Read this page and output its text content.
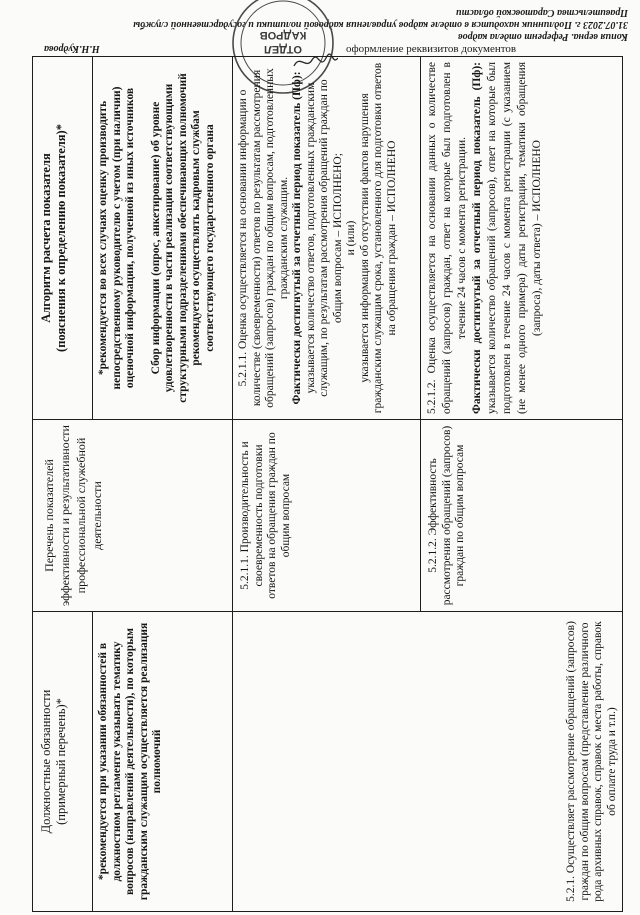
Н.Н.Кудрова
Копия верна. Референт отдела кадров
31.07.2023 г. Подлинник находится в отделе кадров управления кадровой политики и государственной службы
Правительства Саратовской области
ОТДЕЛ
КАДРОВ
оформление реквизитов документов
Должностные обязанности (примерный перечень)*
Перечень показателей эффективности и результативности профессиональной служебной деятельности
Алгоритм расчета показателя (пояснения к определению показателя)*

*рекомендуется при указании обязанностей в должностном регламенте указывать тематику вопросов (направлений деятельности), по которым гражданским служащим осуществляется реализация полномочий

*рекомендуется во всех случаях оценку производить непосредственному руководителю с учетом (при наличии) оценочной информации, полученной из иных источников Сбор информации (опрос, анкетирование) об уровне удовлетворенности в части реализации соответствующими структурными подразделениями обеспечивающих полномочий рекомендуется осуществлять кадровым службам соответствующего государственного органа

5.2.1. Осуществляет рассмотрение обращений (запросов) граждан по общим вопросам (представление различного рода архивных справок, справок с места работы, справок об оплате труда и т.п.)

5.2.1.1. Производительность и своевременность подготовки ответов на обращения граждан по общим вопросам

5.2.1.1. Оценка осуществляется на основании информации о количестве (своевременности) ответов по результатам рассмотрения обращений (запросов) граждан по общим вопросам, подготовленных гражданским служащим. Фактически достигнутый за отчетный период показатель (Пф): указывается количество ответов, подготовленных гражданским служащим, по результатам рассмотрения обращений граждан по общим вопросам – ИСПОЛНЕНО; и (или) указывается информация об отсутствии фактов нарушения гражданским служащим срока, установленного для подготовки ответов на обращения граждан – ИСПОЛНЕНО

5.2.1.2. Эффективность рассмотрения обращений (запросов) граждан по общим вопросам

5.2.1.2. Оценка осуществляется на основании данных о количестве обращений (запросов) граждан, ответ на которые был подготовлен в течение 24 часов с момента регистрации. Фактически достигнутый за отчетный период показатель (Пф): указывается количество обращений (запросов), ответ на которые был подготовлен в течение 24 часов с момента регистрации (с указанием (не менее одного примера) даты регистрации, тематики обращения (запроса), даты ответа) – ИСПОЛНЕНО
